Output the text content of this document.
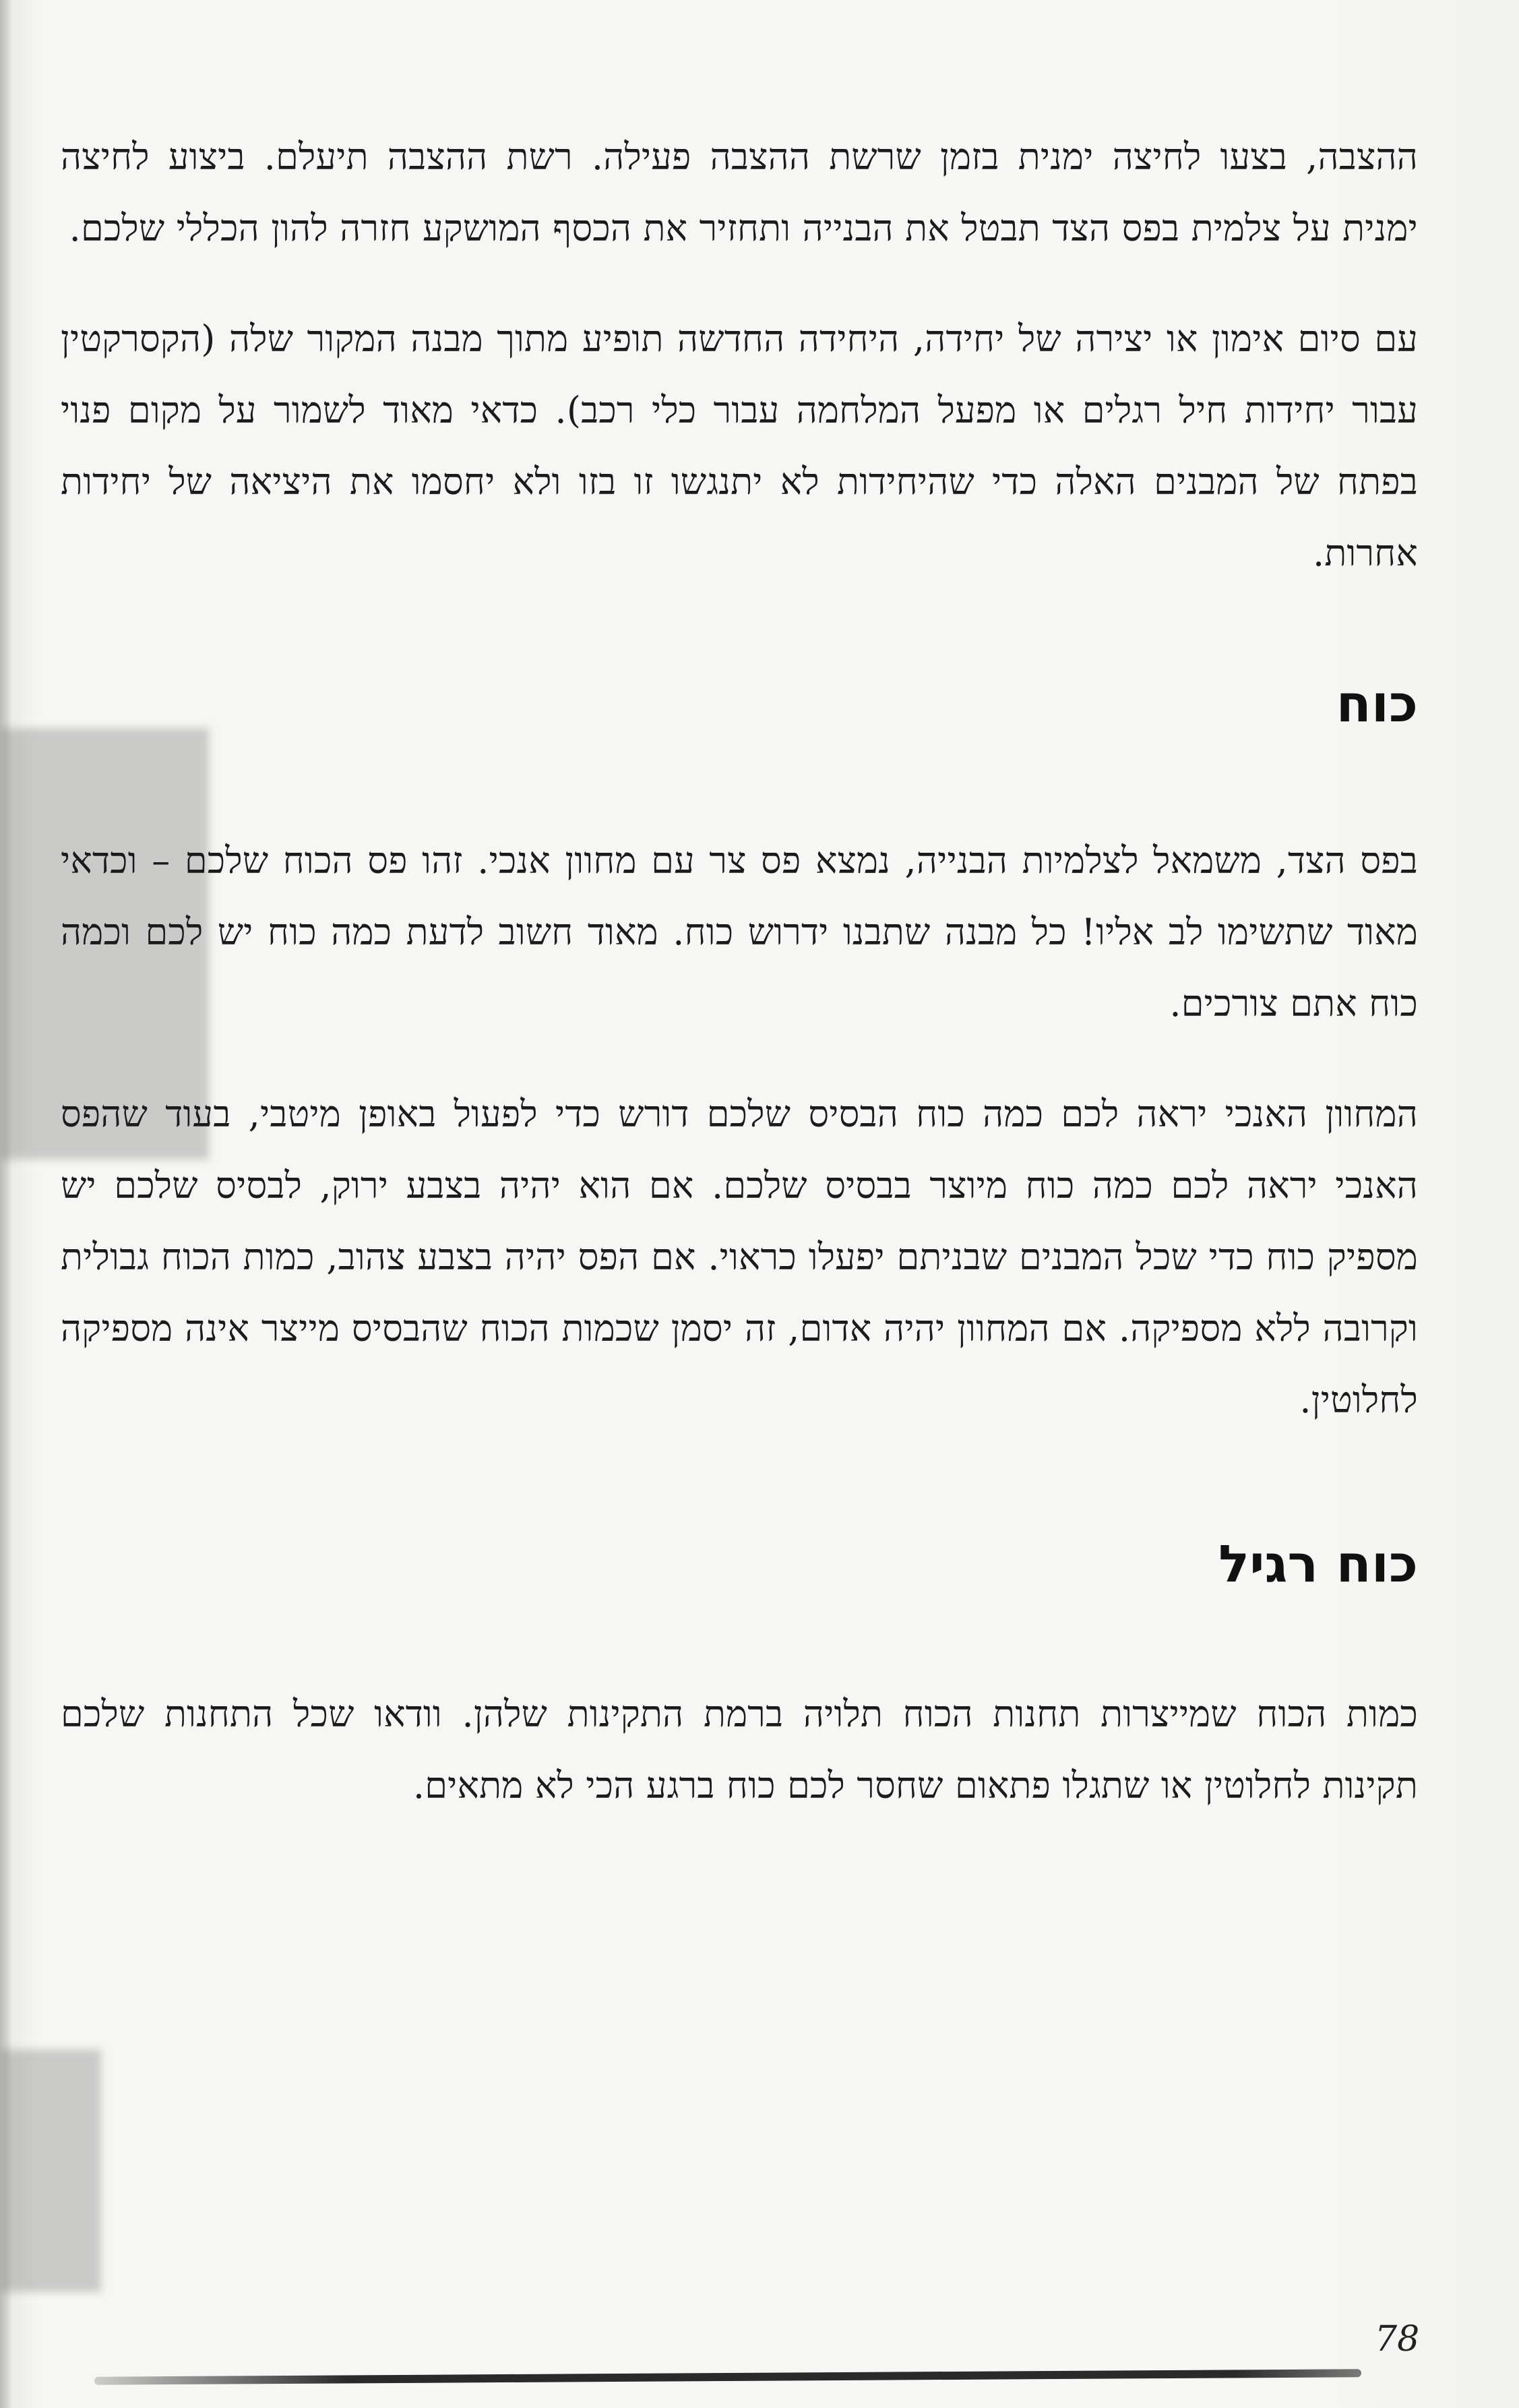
ההצבה, בצעו לחיצה ימנית בזמן שרשת ההצבה פעילה. רשת ההצבה תיעלם. ביצוע לחיצה ימנית על צלמית בפס הצד תבטל את הבנייה ותחזיר את הכסף המושקע חזרה להון הכללי שלכם.

עם סיום אימון או יצירה של יחידה, היחידה החדשה תופיע מתוך מבנה המקור שלה (הקסרקטין עבור יחידות חיל רגלים או מפעל המלחמה עבור כלי רכב). כדאי מאוד לשמור על מקום פנוי בפתח של המבנים האלה כדי שהיחידות לא יתנגשו זו בזו ולא יחסמו את היציאה של יחידות אחרות.

כוח

בפס הצד, משמאל לצלמיות הבנייה, נמצא פס צר עם מחוון אנכי. זהו פס הכוח שלכם – וכדאי מאוד שתשימו לב אליו! כל מבנה שתבנו ידרוש כוח. מאוד חשוב לדעת כמה כוח יש לכם וכמה כוח אתם צורכים.

המחוון האנכי יראה לכם כמה כוח הבסיס שלכם דורש כדי לפעול באופן מיטבי, בעוד שהפס האנכי יראה לכם כמה כוח מיוצר בבסיס שלכם. אם הוא יהיה בצבע ירוק, לבסיס שלכם יש מספיק כוח כדי שכל המבנים שבניתם יפעלו כראוי. אם הפס יהיה בצבע צהוב, כמות הכוח גבולית וקרובה ללא מספיקה. אם המחוון יהיה אדום, זה יסמן שכמות הכוח שהבסיס מייצר אינה מספיקה לחלוטין.

כוח רגיל

כמות הכוח שמייצרות תחנות הכוח תלויה ברמת התקינות שלהן. וודאו שכל התחנות שלכם תקינות לחלוטין או שתגלו פתאום שחסר לכם כוח ברגע הכי לא מתאים.

78
